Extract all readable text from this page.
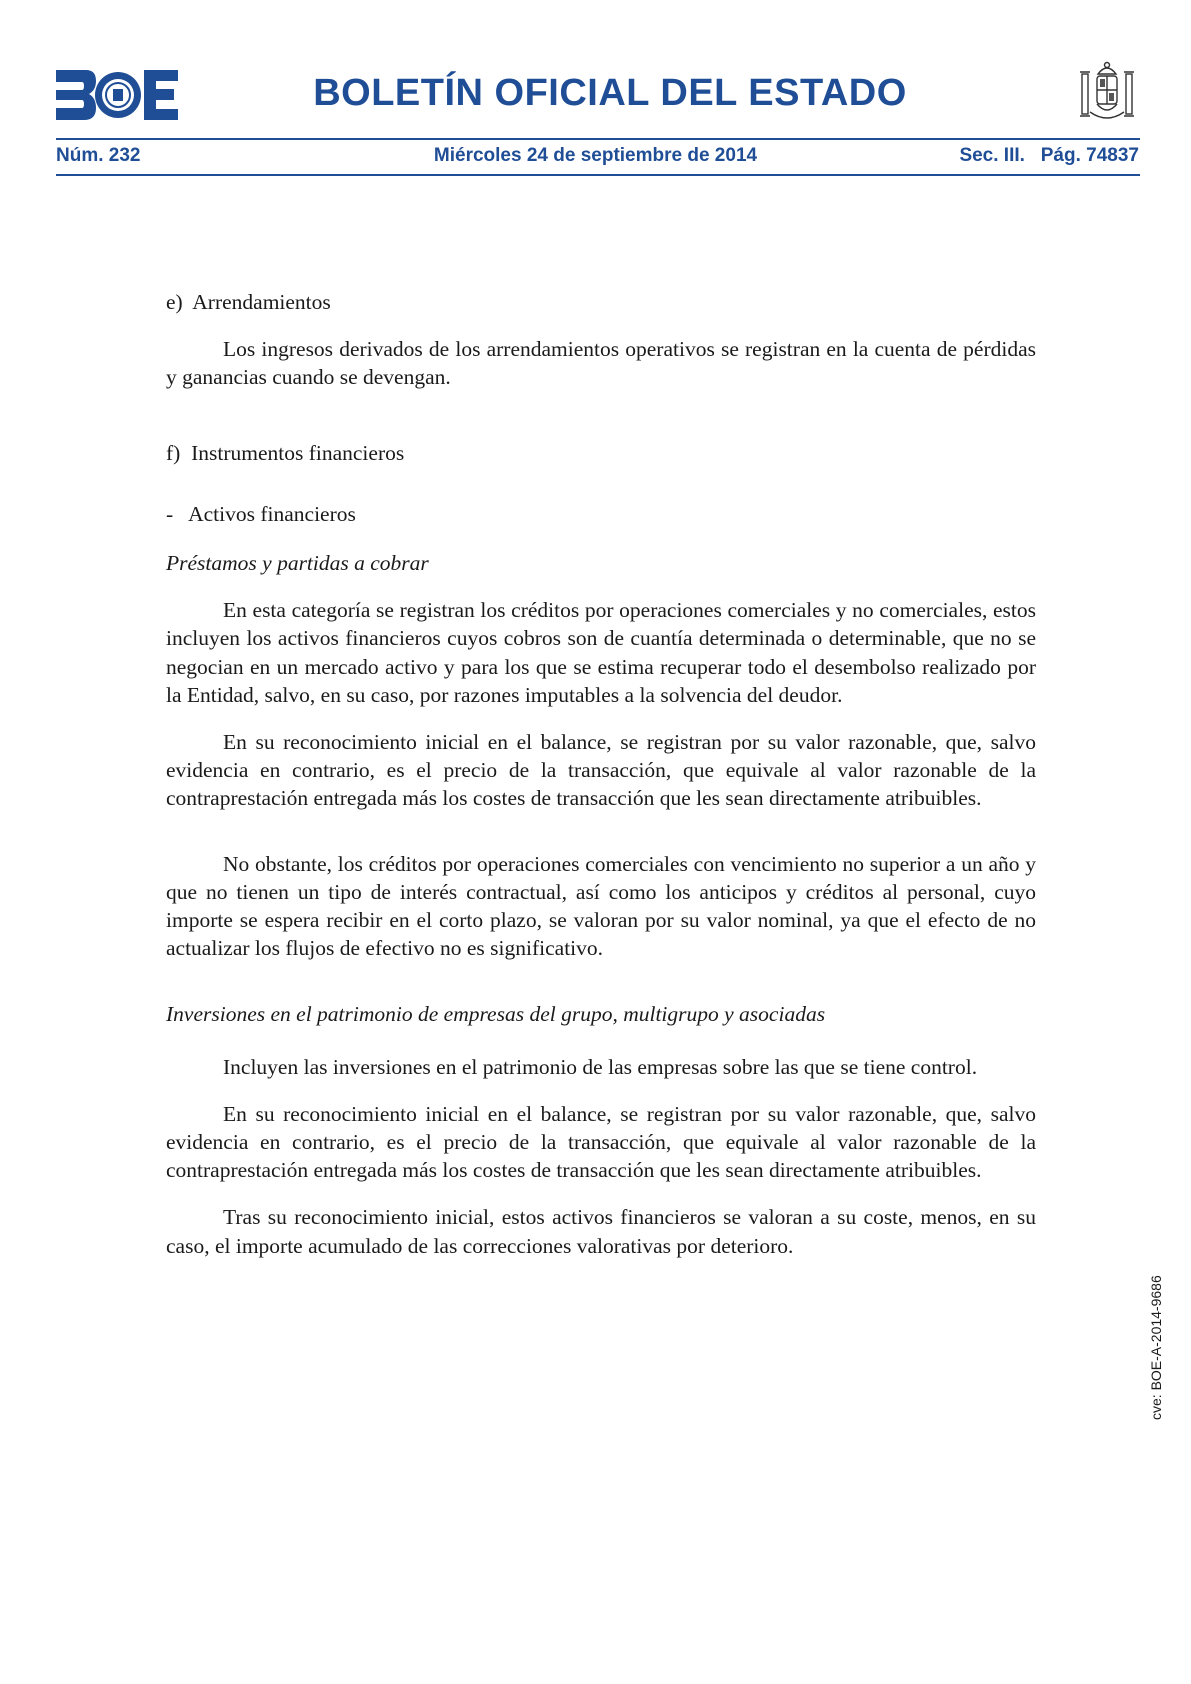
BOLETÍN OFICIAL DEL ESTADO
Núm. 232	Miércoles 24 de septiembre de 2014	Sec. III.   Pág. 74837

e)  Arrendamientos

Los ingresos derivados de los arrendamientos operativos se registran en la cuenta de pérdidas y ganancias cuando se devengan.

f)  Instrumentos financieros

-   Activos financieros

Préstamos y partidas a cobrar

En esta categoría se registran los créditos por operaciones comerciales y no comerciales, estos incluyen los activos financieros cuyos cobros son de cuantía determinada o determinable, que no se negocian en un mercado activo y para los que se estima recuperar todo el desembolso realizado por la Entidad, salvo, en su caso, por razones imputables a la solvencia del deudor.

En su reconocimiento inicial en el balance, se registran por su valor razonable, que, salvo evidencia en contrario, es el precio de la transacción, que equivale al valor razonable de la contraprestación entregada más los costes de transacción que les sean directamente atribuibles.

No obstante, los créditos por operaciones comerciales con vencimiento no superior a un año y que no tienen un tipo de interés contractual, así como los anticipos y créditos al personal, cuyo importe se espera recibir en el corto plazo, se valoran por su valor nominal, ya que el efecto de no actualizar los flujos de efectivo no es significativo.

Inversiones en el patrimonio de empresas del grupo, multigrupo y asociadas

Incluyen las inversiones en el patrimonio de las empresas sobre las que se tiene control.

En su reconocimiento inicial en el balance, se registran por su valor razonable, que, salvo evidencia en contrario, es el precio de la transacción, que equivale al valor razonable de la contraprestación entregada más los costes de transacción que les sean directamente atribuibles.

Tras su reconocimiento inicial, estos activos financieros se valoran a su coste, menos, en su caso, el importe acumulado de las correcciones valorativas por deterioro.

cve: BOE-A-2014-9686
